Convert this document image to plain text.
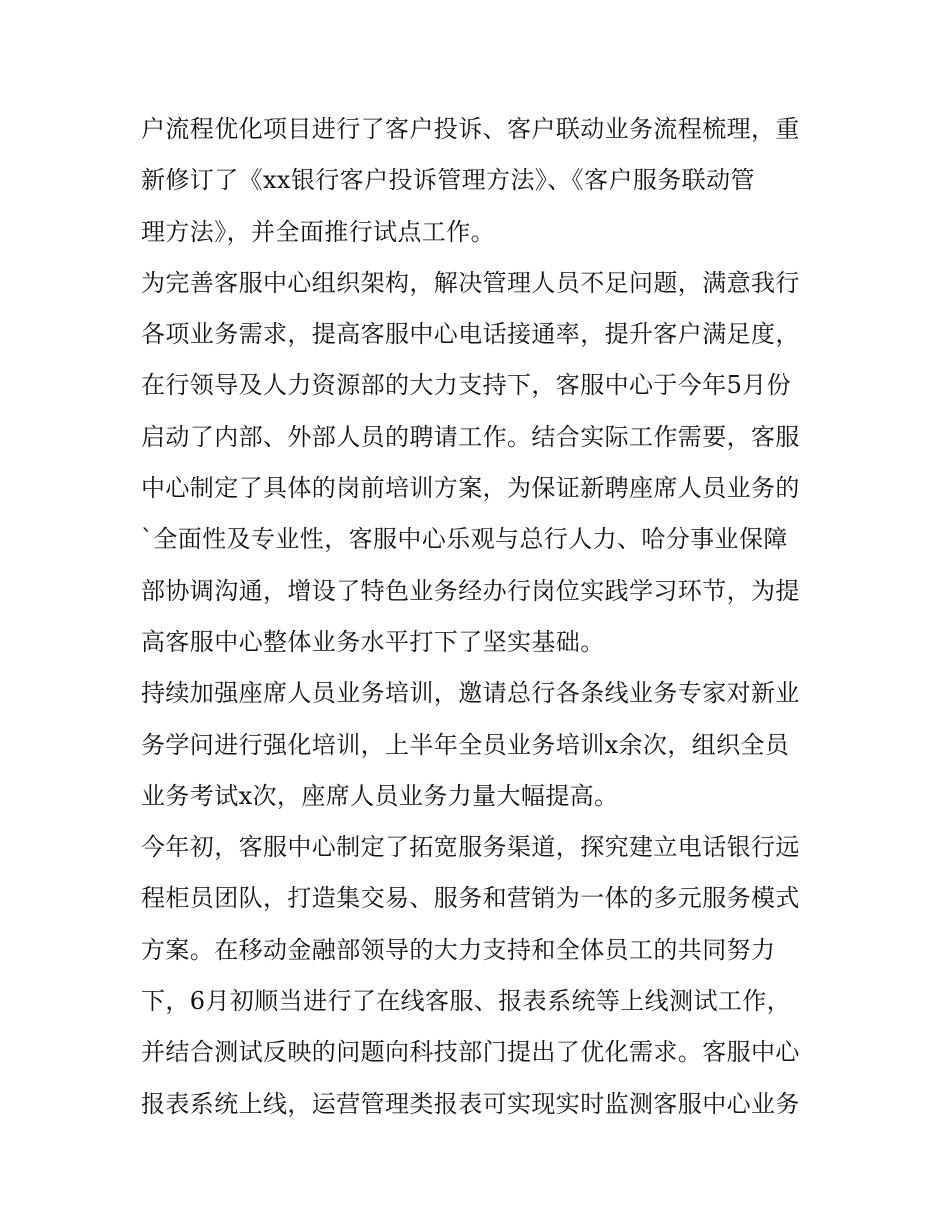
户流程优化项目进行了客户投诉、客户联动业务流程梳理，重
新修订了《xx银行客户投诉管理方法》、《客户服务联动管
理方法》，并全面推行试点工作。
为完善客服中心组织架构，解决管理人员不足问题，满意我行
各项业务需求，提高客服中心电话接通率，提升客户满足度，
在行领导及人力资源部的大力支持下，客服中心于今年5月份
启动了内部、外部人员的聘请工作。结合实际工作需要，客服
中心制定了具体的岗前培训方案，为保证新聘座席人员业务的
`全面性及专业性，客服中心乐观与总行人力、哈分事业保障
部协调沟通，增设了特色业务经办行岗位实践学习环节，为提
高客服中心整体业务水平打下了坚实基础。
持续加强座席人员业务培训，邀请总行各条线业务专家对新业
务学问进行强化培训，上半年全员业务培训x余次，组织全员
业务考试x次，座席人员业务力量大幅提高。
今年初，客服中心制定了拓宽服务渠道，探究建立电话银行远
程柜员团队，打造集交易、服务和营销为一体的多元服务模式
方案。在移动金融部领导的大力支持和全体员工的共同努力
下，6月初顺当进行了在线客服、报表系统等上线测试工作，
并结合测试反映的问题向科技部门提出了优化需求。客服中心
报表系统上线，运营管理类报表可实现实时监测客服中心业务
